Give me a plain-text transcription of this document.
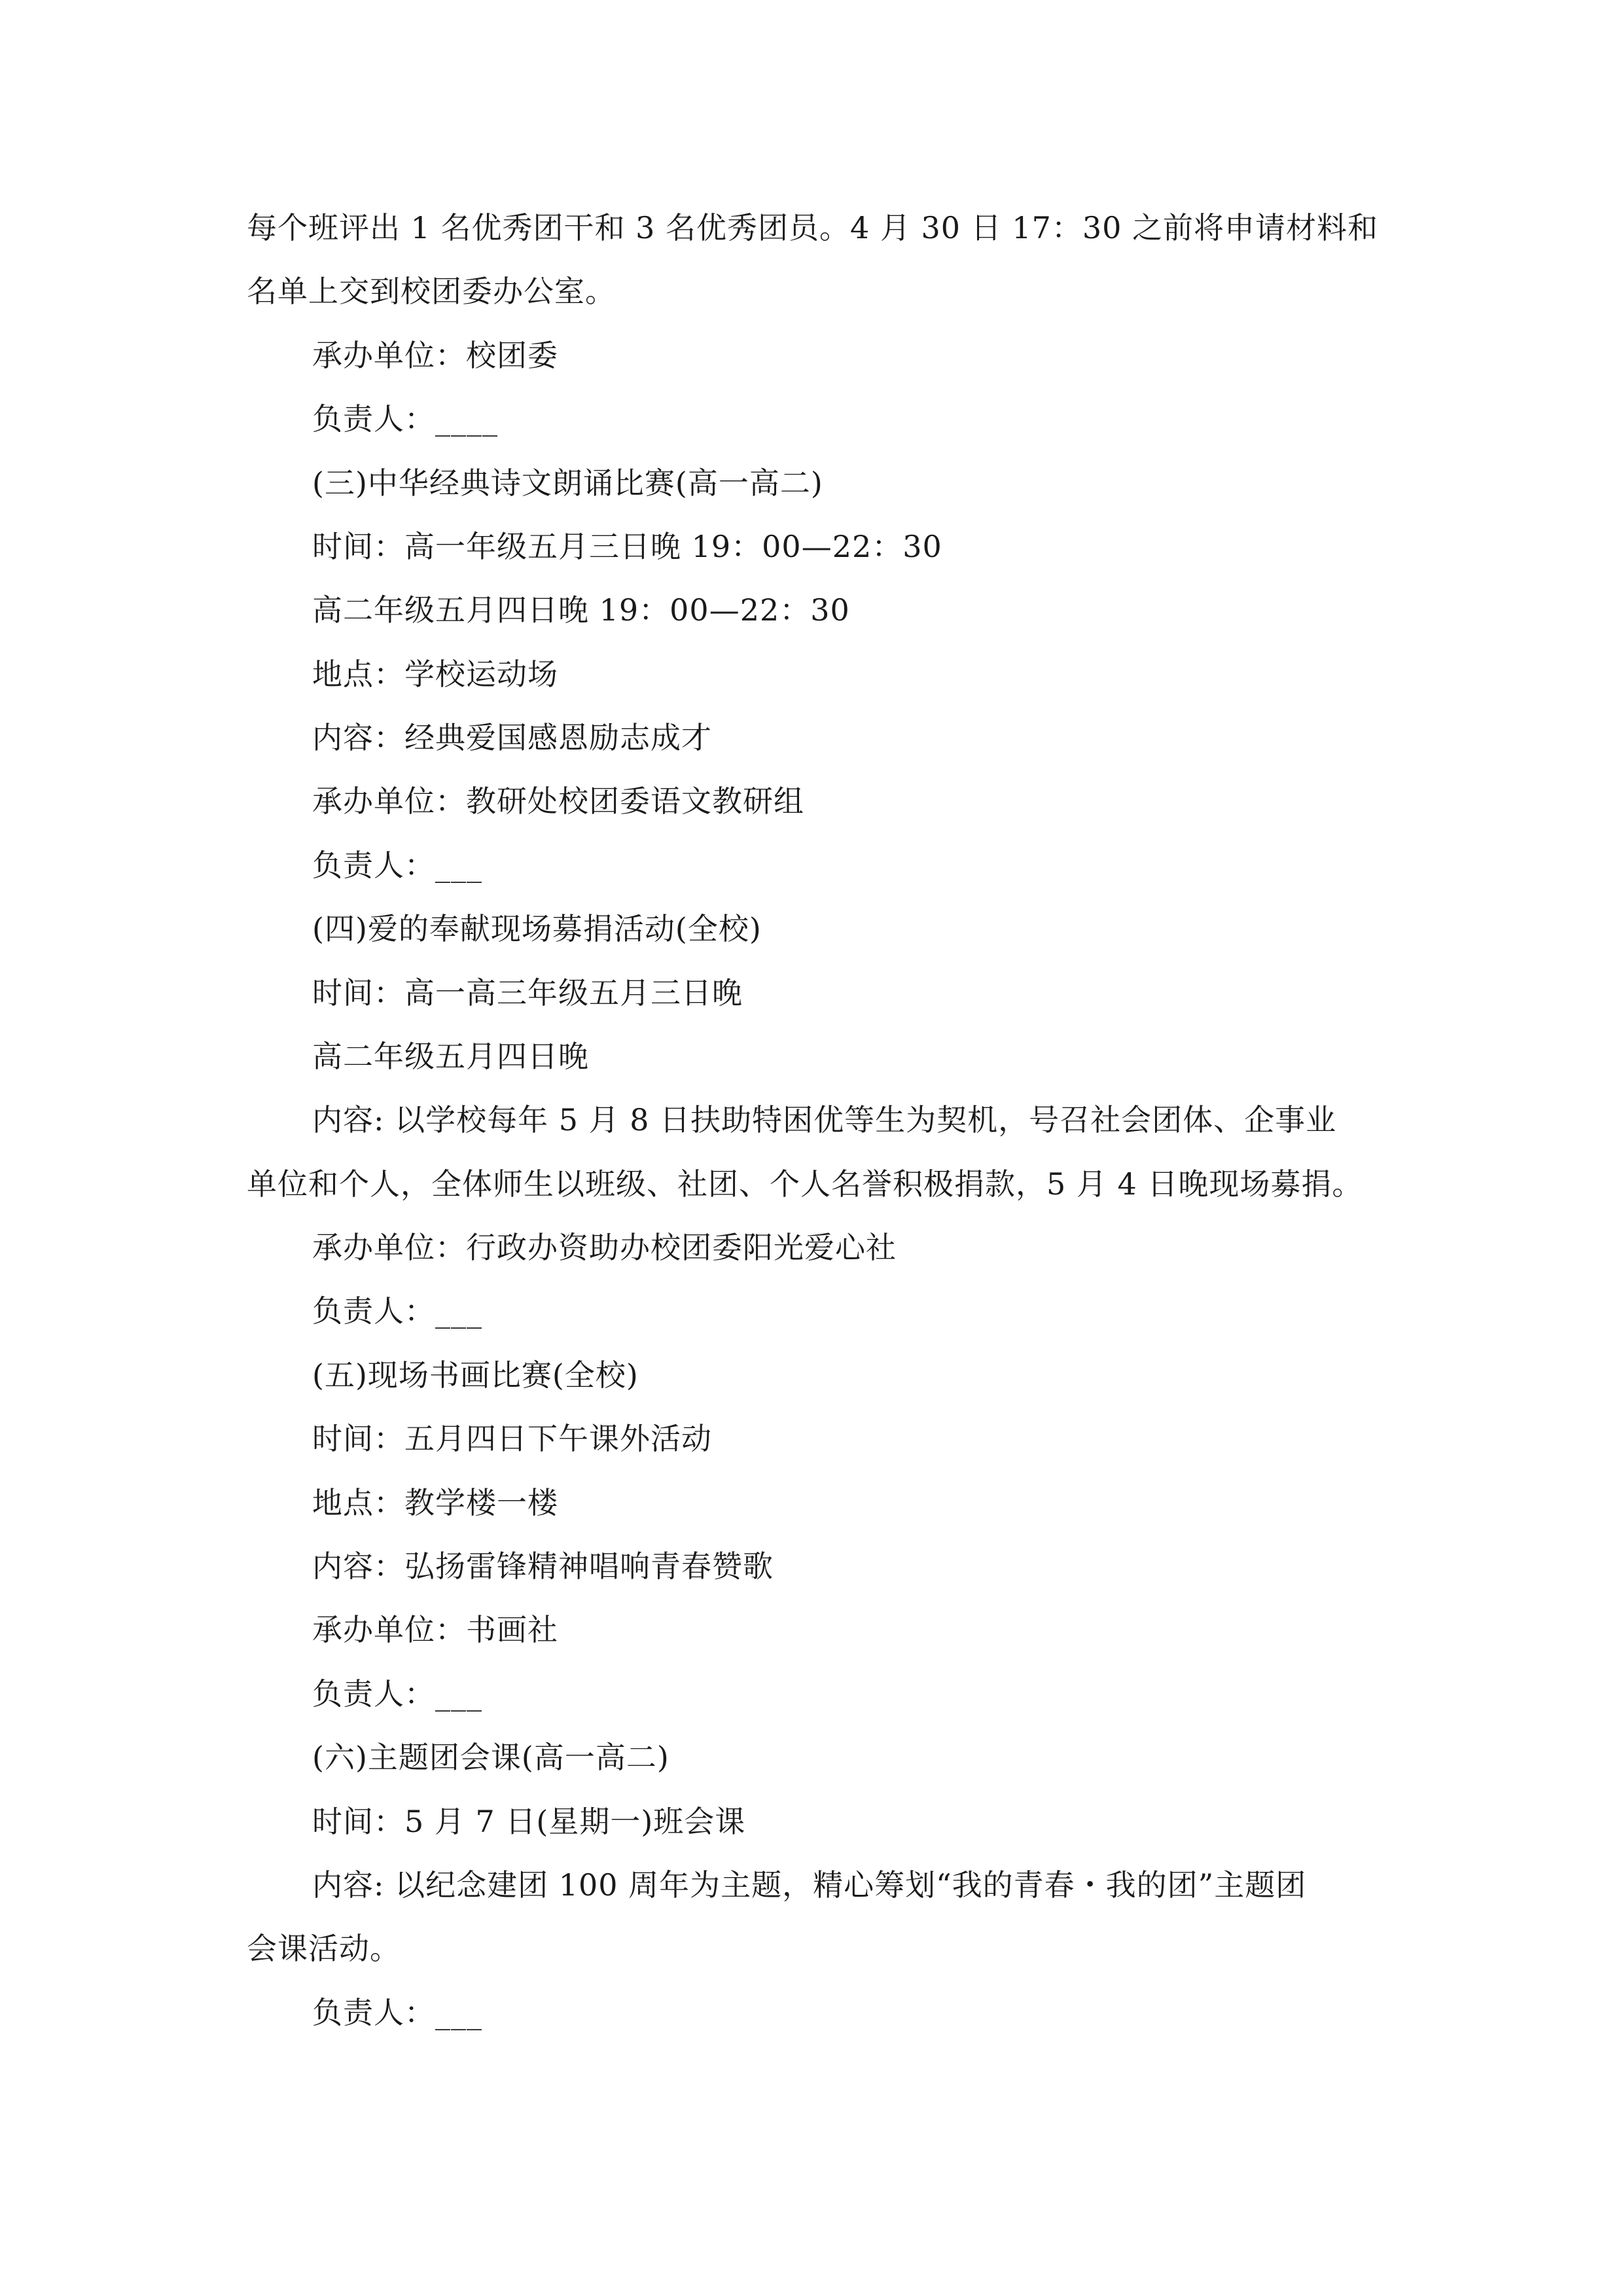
每个班评出 1 名优秀团干和 3 名优秀团员。4 月 30 日 17：30 之前将申请材料和
名单上交到校团委办公室。
承办单位：校团委
负责人：____
(三)中华经典诗文朗诵比赛(高一高二)
时间：高一年级五月三日晚 19：00—22：30
高二年级五月四日晚 19：00—22：30
地点：学校运动场
内容：经典爱国感恩励志成才
承办单位：教研处校团委语文教研组
负责人：___
(四)爱的奉献现场募捐活动(全校)
时间：高一高三年级五月三日晚
高二年级五月四日晚
内容: 以学校每年 5 月 8 日扶助特困优等生为契机，号召社会团体、企事业
单位和个人，全体师生以班级、社团、个人名誉积极捐款，5 月 4 日晚现场募捐。
承办单位：行政办资助办校团委阳光爱心社
负责人：___
(五)现场书画比赛(全校)
时间：五月四日下午课外活动
地点：教学楼一楼
内容：弘扬雷锋精神唱响青春赞歌
承办单位：书画社
负责人：___
(六)主题团会课(高一高二)
时间：5 月 7 日(星期一)班会课
内容: 以纪念建团 100 周年为主题，精心筹划“我的青春・我的团”主题团
会课活动。
负责人：___
